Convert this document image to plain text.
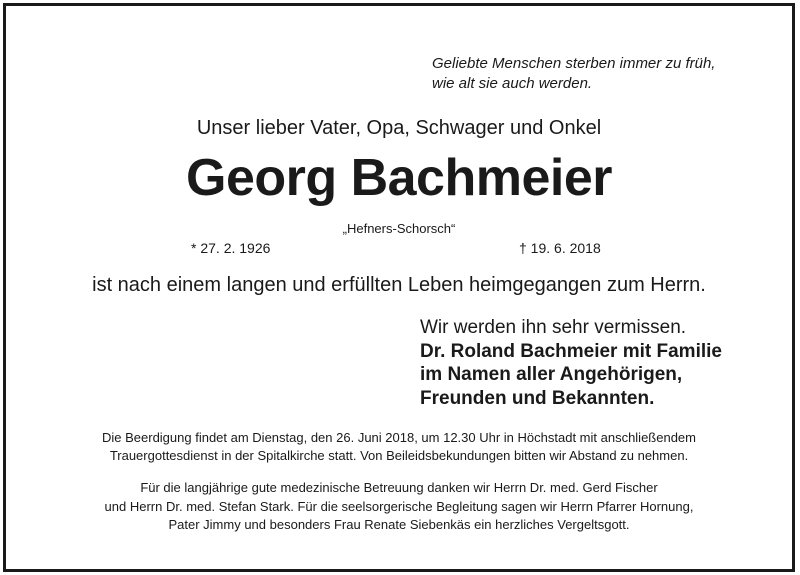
Geliebte Menschen sterben immer zu früh,
wie alt sie auch werden.
Unser lieber Vater, Opa, Schwager und Onkel
Georg Bachmeier
„Hefners-Schorsch“
* 27. 2. 1926	† 19. 6. 2018
ist nach einem langen und erfüllten Leben heimgegangen zum Herrn.
Wir werden ihn sehr vermissen.
Dr. Roland Bachmeier mit Familie
im Namen aller Angehörigen,
Freunden und Bekannten.
Die Beerdigung findet am Dienstag, den 26. Juni 2018, um 12.30 Uhr in Höchstadt mit anschließendem
Trauergottesdienst in der Spitalkirche statt. Von Beileidsbekundungen bitten wir Abstand zu nehmen.
Für die langjährige gute medezinische Betreuung danken wir Herrn Dr. med. Gerd Fischer
und Herrn Dr. med. Stefan Stark. Für die seelsorgerische Begleitung sagen wir Herrn Pfarrer Hornung,
Pater Jimmy und besonders Frau Renate Siebenkäs ein herzliches Vergeltsgott.
